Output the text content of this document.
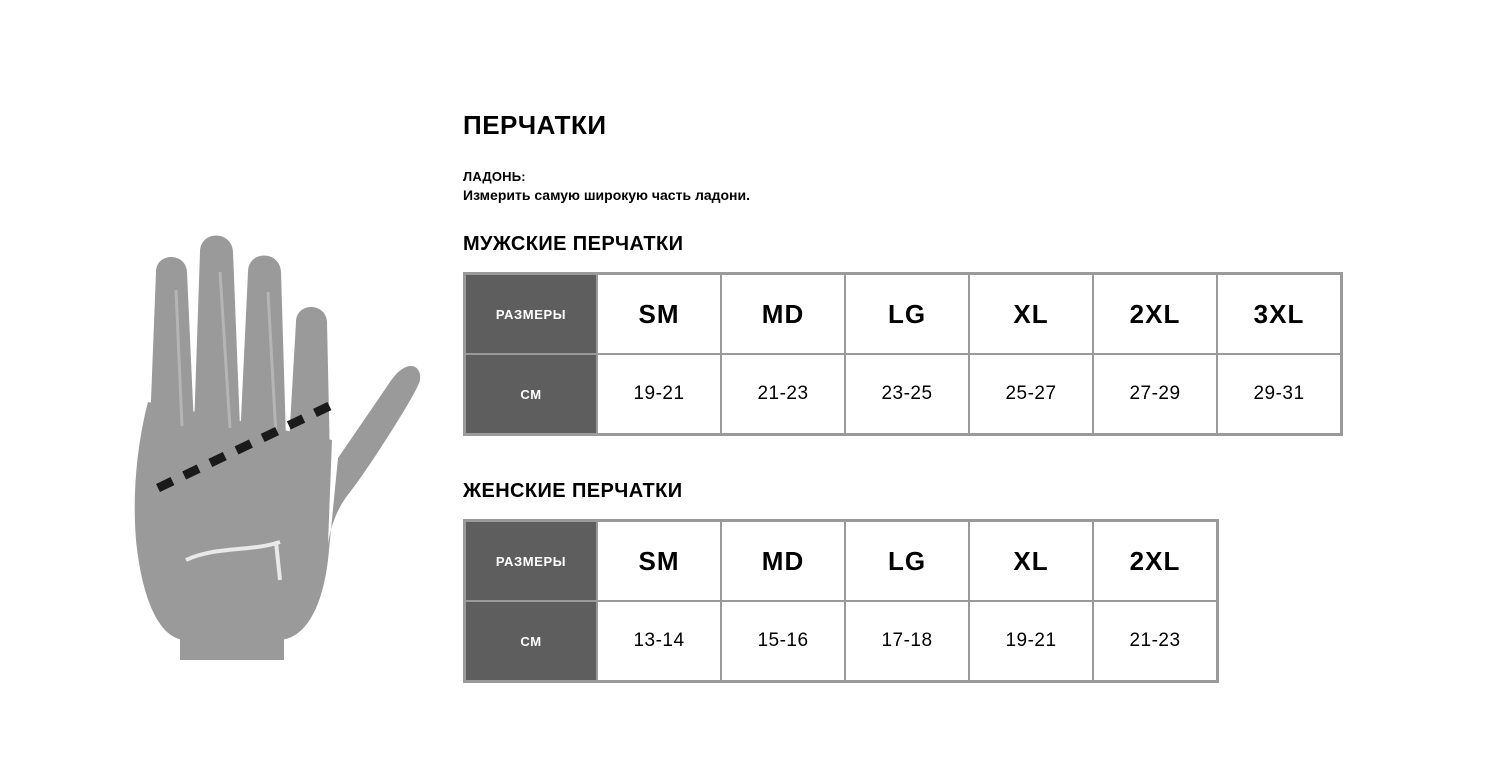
ПЕРЧАТКИ

ЛАДОНЬ:

Измерить самую широкую часть ладони.

МУЖСКИЕ ПЕРЧАТКИ
РАЗМЕРЫ	SM	MD	LG	XL	2XL	3XL
СМ	19-21	21-23	23-25	25-27	27-29	29-31
ЖЕНСКИЕ ПЕРЧАТКИ
РАЗМЕРЫ	SM	MD	LG	XL	2XL
СМ	13-14	15-16	17-18	19-21	21-23
